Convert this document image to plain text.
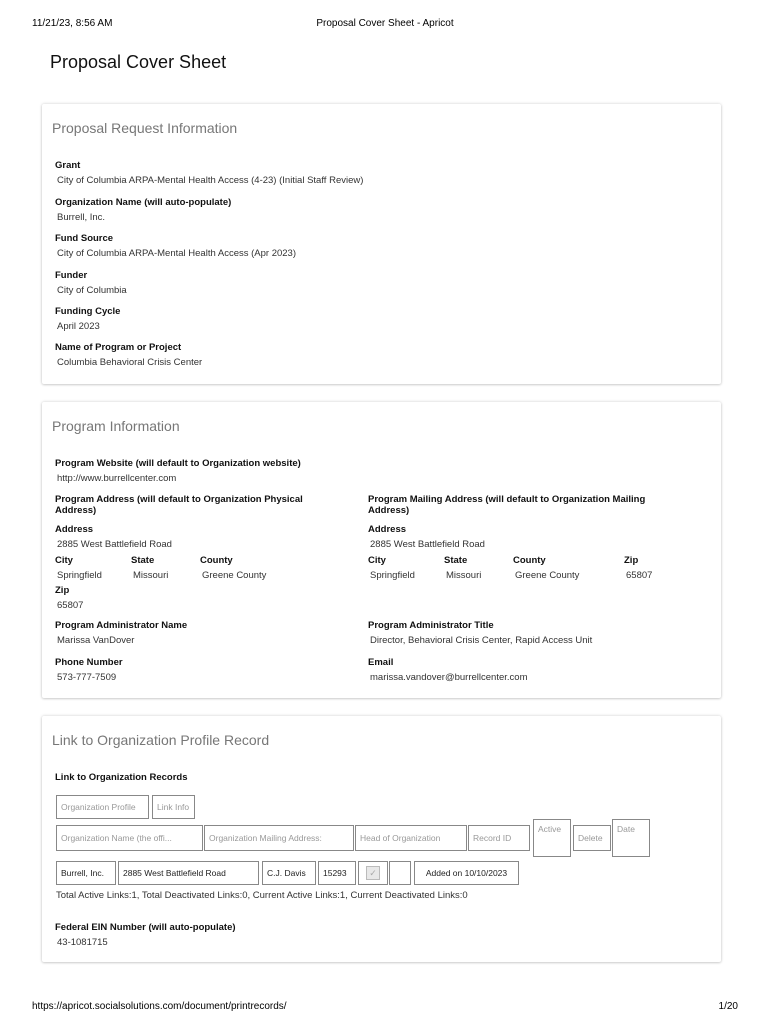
11/21/23, 8:56 AM	Proposal Cover Sheet - Apricot
Proposal Cover Sheet
Proposal Request Information
Grant
City of Columbia ARPA-Mental Health Access (4-23) (Initial Staff Review)
Organization Name (will auto-populate)
Burrell, Inc.
Fund Source
City of Columbia ARPA-Mental Health Access (Apr 2023)
Funder
City of Columbia
Funding Cycle
April 2023
Name of Program or Project
Columbia Behavioral Crisis Center
Program Information
Program Website (will default to Organization website)
http://www.burrellcenter.com
Program Address (will default to Organization Physical Address)
Address
2885 West Battlefield Road
City
Springfield
State
Missouri
County
Greene County
Zip
65807
Program Mailing Address (will default to Organization Mailing Address)
Address
2885 West Battlefield Road
City
Springfield
State
Missouri
County
Greene County
Zip
65807
Program Administrator Name
Marissa VanDover
Program Administrator Title
Director, Behavioral Crisis Center, Rapid Access Unit
Phone Number
573-777-7509
Email
marissa.vandover@burrellcenter.com
Link to Organization Profile Record
Link to Organization Records
Organization Profile	Link Info
Organization Name (the offi...	Organization Mailing Address:	Head of Organization	Record ID
Active
Delete
Date
Burrell, Inc.	2885 West Battlefield Road	C.J. Davis	15293	✓	Added on 10/10/2023
Total Active Links:1, Total Deactivated Links:0, Current Active Links:1, Current Deactivated Links:0
Federal EIN Number (will auto-populate)
43-1081715
https://apricot.socialsolutions.com/document/printrecords/	1/20
